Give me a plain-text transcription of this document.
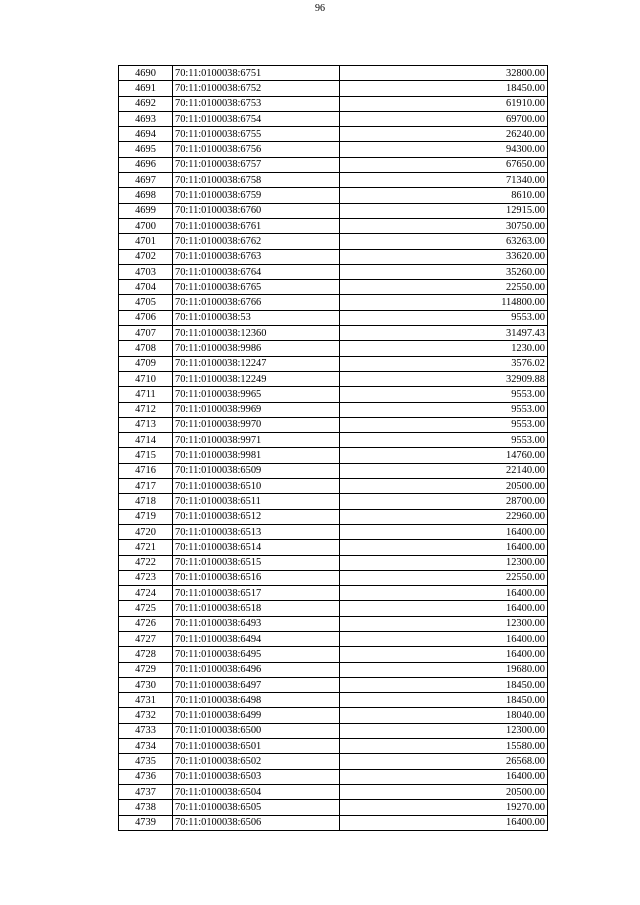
96
4690	70:11:0100038:6751	32800.00
4691	70:11:0100038:6752	18450.00
4692	70:11:0100038:6753	61910.00
4693	70:11:0100038:6754	69700.00
4694	70:11:0100038:6755	26240.00
4695	70:11:0100038:6756	94300.00
4696	70:11:0100038:6757	67650.00
4697	70:11:0100038:6758	71340.00
4698	70:11:0100038:6759	8610.00
4699	70:11:0100038:6760	12915.00
4700	70:11:0100038:6761	30750.00
4701	70:11:0100038:6762	63263.00
4702	70:11:0100038:6763	33620.00
4703	70:11:0100038:6764	35260.00
4704	70:11:0100038:6765	22550.00
4705	70:11:0100038:6766	114800.00
4706	70:11:0100038:53	9553.00
4707	70:11:0100038:12360	31497.43
4708	70:11:0100038:9986	1230.00
4709	70:11:0100038:12247	3576.02
4710	70:11:0100038:12249	32909.88
4711	70:11:0100038:9965	9553.00
4712	70:11:0100038:9969	9553.00
4713	70:11:0100038:9970	9553.00
4714	70:11:0100038:9971	9553.00
4715	70:11:0100038:9981	14760.00
4716	70:11:0100038:6509	22140.00
4717	70:11:0100038:6510	20500.00
4718	70:11:0100038:6511	28700.00
4719	70:11:0100038:6512	22960.00
4720	70:11:0100038:6513	16400.00
4721	70:11:0100038:6514	16400.00
4722	70:11:0100038:6515	12300.00
4723	70:11:0100038:6516	22550.00
4724	70:11:0100038:6517	16400.00
4725	70:11:0100038:6518	16400.00
4726	70:11:0100038:6493	12300.00
4727	70:11:0100038:6494	16400.00
4728	70:11:0100038:6495	16400.00
4729	70:11:0100038:6496	19680.00
4730	70:11:0100038:6497	18450.00
4731	70:11:0100038:6498	18450.00
4732	70:11:0100038:6499	18040.00
4733	70:11:0100038:6500	12300.00
4734	70:11:0100038:6501	15580.00
4735	70:11:0100038:6502	26568.00
4736	70:11:0100038:6503	16400.00
4737	70:11:0100038:6504	20500.00
4738	70:11:0100038:6505	19270.00
4739	70:11:0100038:6506	16400.00
